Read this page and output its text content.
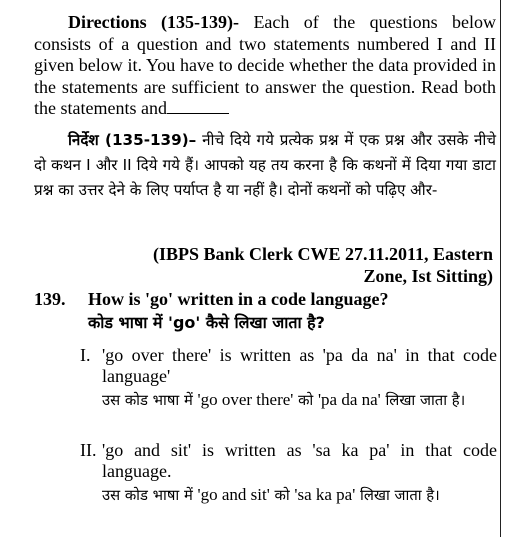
Directions (135-139)- Each of the questions below consists of a question and two statements numbered I and II given below it. You have to decide whether the data provided in the statements are sufficient to answer the question. Read both the statements and
निर्देश (135-139)– नीचे दिये गये प्रत्येक प्रश्न में एक प्रश्न और उसके नीचे दो कथन I और II दिये गये हैं। आपको यह तय करना है कि कथनों में दिया गया डाटा प्रश्न का उत्तर देने के लिए पर्याप्त है या नहीं है। दोनों कथनों को पढ़िए और-
(IBPS Bank Clerk CWE 27.11.2011, Eastern
Zone, Ist Sitting)
139. How is 'go' written in a code language?
कोड भाषा में 'go' कैसे लिखा जाता है?
I. 'go over there' is written as 'pa da na' in that code language'
उस कोड भाषा में 'go over there' को 'pa da na' लिखा जाता है।
II. 'go and sit' is written as 'sa ka pa' in that code language.
उस कोड भाषा में 'go and sit' को 'sa ka pa' लिखा जाता है।
